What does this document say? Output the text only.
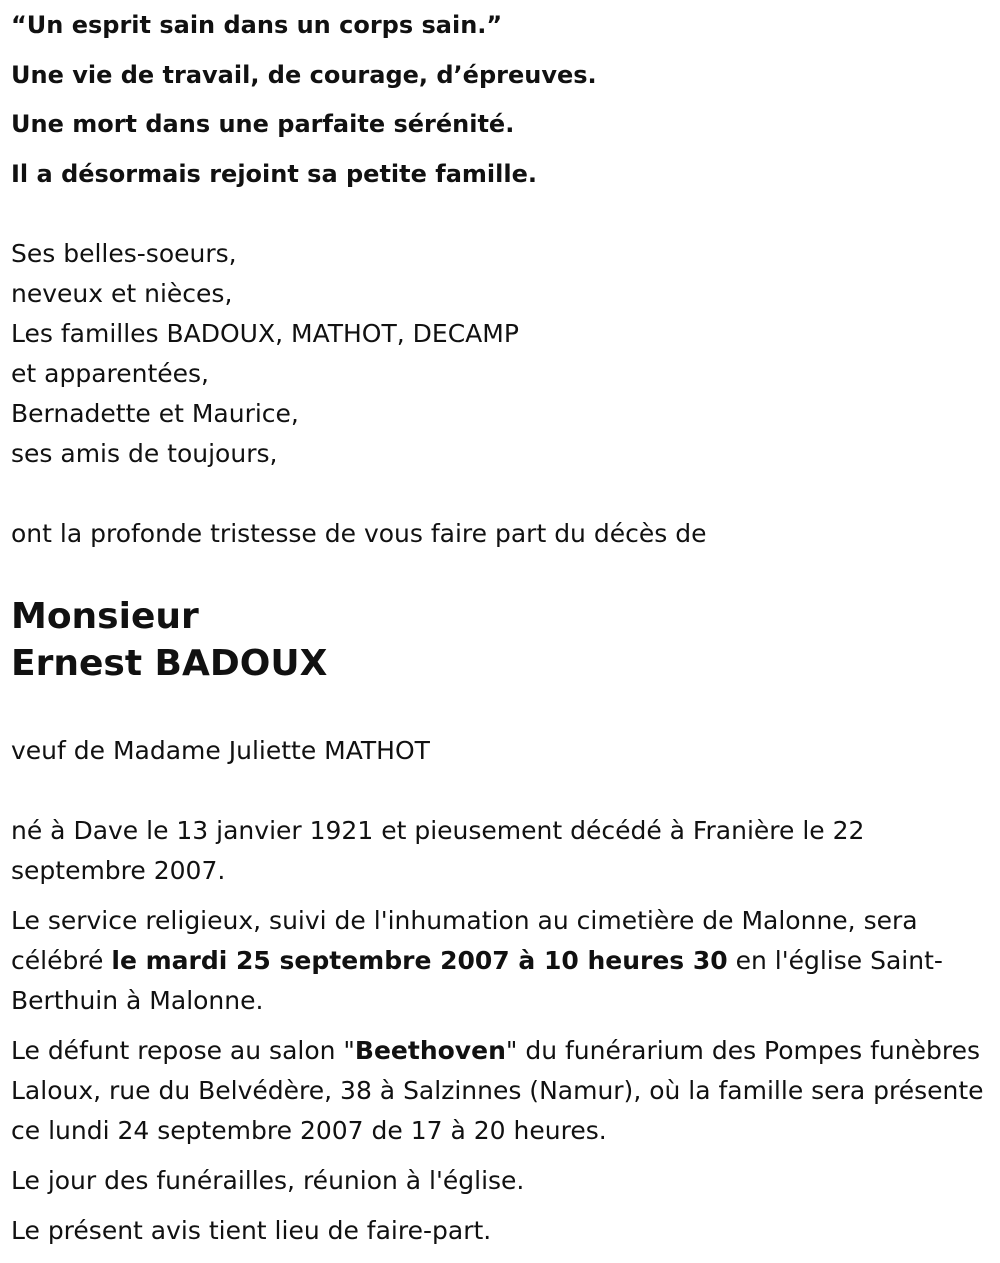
“Un esprit sain dans un corps sain.”

Une vie de travail, de courage, d’épreuves.

Une mort dans une parfaite sérénité.

Il a désormais rejoint sa petite famille.

Ses belles-soeurs,

neveux et nièces,

Les familles BADOUX, MATHOT, DECAMP

et apparentées,

Bernadette et Maurice,

ses amis de toujours,

ont la profonde tristesse de vous faire part du décès de

Monsieur

Ernest BADOUX

veuf de Madame Juliette MATHOT

né à Dave le 13 janvier 1921 et pieusement décédé à Franière le 22 septembre 2007.

Le service religieux, suivi de l'inhumation au cimetière de Malonne, sera célébré le mardi 25 septembre 2007 à 10 heures 30 en l'église Saint-Berthuin à Malonne.

Le défunt repose au salon "Beethoven" du funérarium des Pompes funèbres Laloux, rue du Belvédère, 38 à Salzinnes (Namur), où la famille sera présente ce lundi 24 septembre 2007 de 17 à 20 heures.

Le jour des funérailles, réunion à l'église.

Le présent avis tient lieu de faire-part.
